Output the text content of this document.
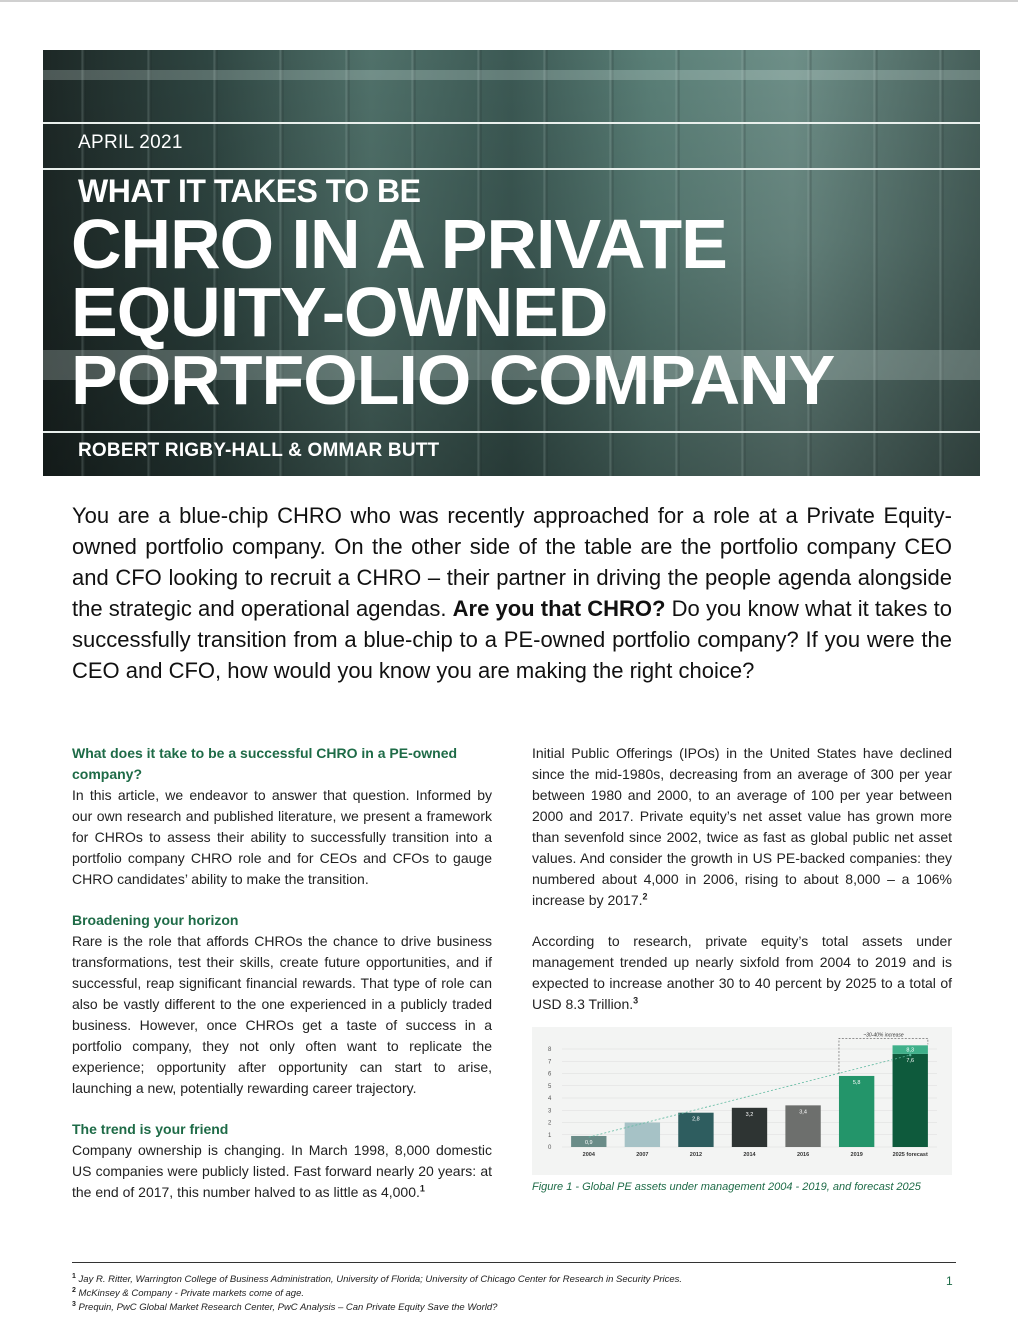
APRIL 2021
WHAT IT TAKES TO BE
CHRO IN A PRIVATE
EQUITY-OWNED
PORTFOLIO COMPANY
ROBERT RIGBY-HALL & OMMAR BUTT
You are a blue-chip CHRO who was recently approached for a role at a Private Equity-owned portfolio company. On the other side of the table are the portfolio company CEO and CFO looking to recruit a CHRO – their partner in driving the people agenda alongside the strategic and operational agendas. Are you that CHRO? Do you know what it takes to successfully transition from a blue-chip to a PE-owned portfolio company? If you were the CEO and CFO, how would you know you are making the right choice?
What does it take to be a successful CHRO in a PE-owned company?

In this article, we endeavor to answer that question. Informed by our own research and published literature, we present a framework for CHROs to assess their ability to successfully transition into a portfolio company CHRO role and for CEOs and CFOs to gauge CHRO candidates’ ability to make the transition.

Broadening your horizon

Rare is the role that affords CHROs the chance to drive business transformations, test their skills, create future opportunities, and if successful, reap significant financial rewards. That type of role can also be vastly different to the one experienced in a publicly traded business. However, once CHROs get a taste of success in a portfolio company, they not only often want to replicate the experience; opportunity after opportunity can start to arise, launching a new, potentially rewarding career trajectory.

The trend is your friend

Company ownership is changing. In March 1998, 8,000 domestic US companies were publicly listed. Fast forward nearly 20 years: at the end of 2017, this number halved to as little as 4,000.$^1$

Initial Public Offerings (IPOs) in the United States have declined since the mid-1980s, decreasing from an average of 300 per year between 1980 and 2000, to an average of 100 per year between 2000 and 2017. Private equity’s net asset value has grown more than sevenfold since 2002, twice as fast as global public net asset values. And consider the growth in US PE-backed companies: they numbered about 4,000 in 2006, rising to about 8,000 – a 106% increase by 2017.$^2$

According to research, private equity’s total assets under management trended up nearly sixfold from 2004 to 2019 and is expected to increase another 30 to 40 percent by 2025 to a total of USD 8.3 Trillion.$^3$

0
1
2
3
4
5
6
7
8
0,9
2004	2007
2,8
2012
3,2
2014
3,4
2016
5,8
2019
7,6
2025 forecast
8,3
~30-40% increase
Figure 1 - Global PE assets under management 2004 - 2019, and forecast 2025
$^1$ Jay R. Ritter, Warrington College of Business Administration, University of Florida; University of Chicago Center for Research in Security Prices.
$^2$ McKinsey & Company - Private markets come of age.
$^3$ Prequin, PwC Global Market Research Center, PwC Analysis – Can Private Equity Save the World?
1
